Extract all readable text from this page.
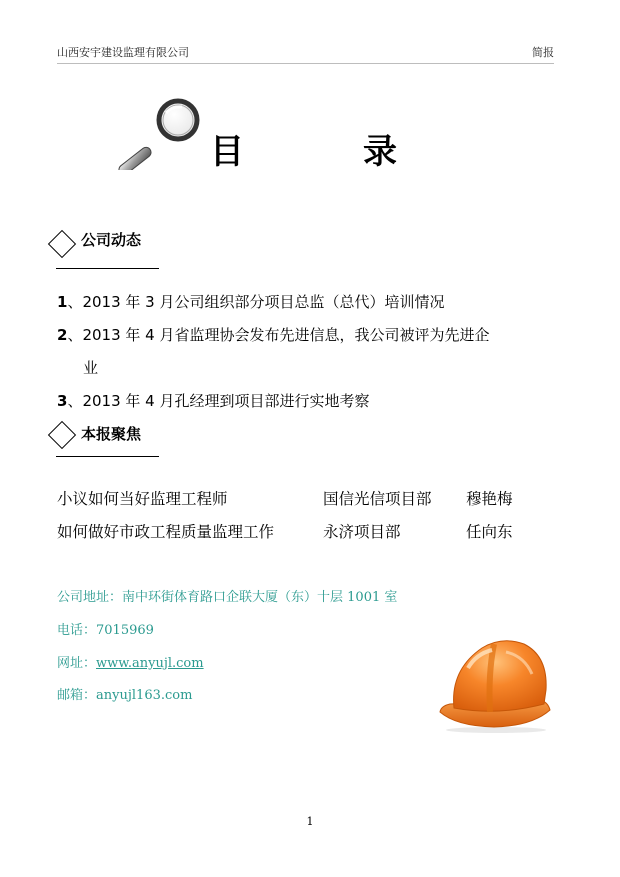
山西安宇建设监理有限公司	简报
目	录
公司动态
1、2013 年 3 月公司组织部分项目总监（总代）培训情况
2、2013 年 4 月省监理协会发布先进信息，我公司被评为先进企
业
3、2013 年 4 月孔经理到项目部进行实地考察
本报聚焦
小议如何当好监理工程师	国信光信项目部 穆艳梅
如何做好市政工程质量监理工作	永济项目部	任向东
公司地址：南中环街体育路口企联大厦（东）十层 1001 室
电话：7015969
网址：www.anyujl.com
邮箱：anyujl163.com
1
